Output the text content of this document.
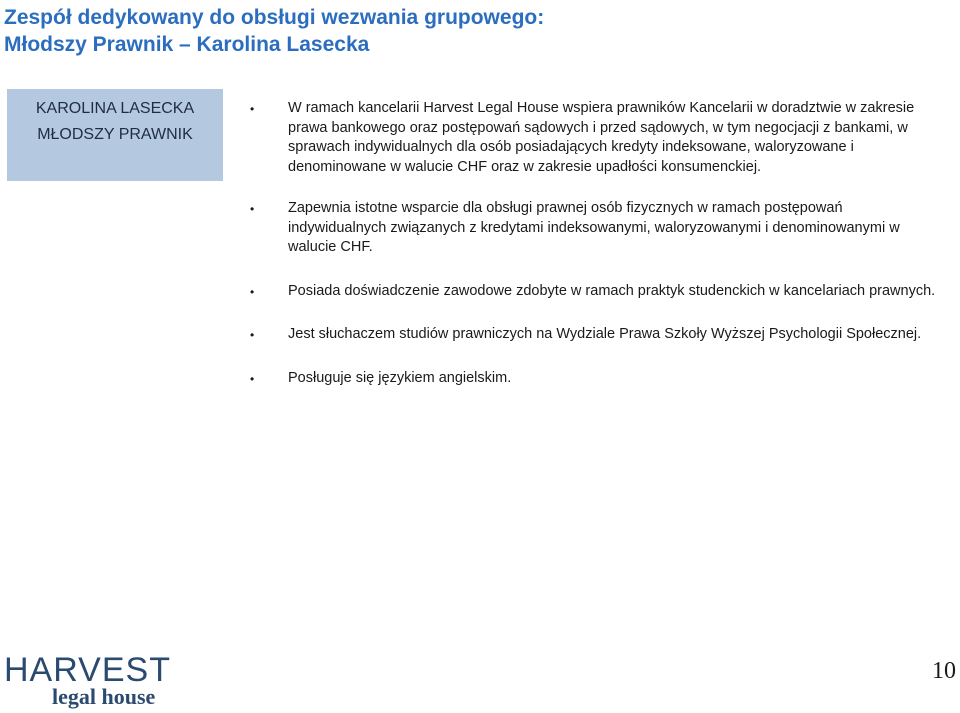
Zespół dedykowany do obsługi wezwania grupowego:
Młodszy Prawnik – Karolina Lasecka
KAROLINA LASECKA
MŁODSZY PRAWNIK
• W ramach kancelarii Harvest Legal House wspiera prawników Kancelarii w doradztwie w zakresie prawa bankowego oraz postępowań sądowych i przed sądowych, w tym negocjacji z bankami, w sprawach indywidualnych dla osób posiadających kredyty indeksowane, waloryzowane i denominowane w walucie CHF oraz w zakresie upadłości konsumenckiej.
• Zapewnia istotne wsparcie dla obsługi prawnej osób fizycznych w ramach postępowań indywidualnych związanych z kredytami indeksowanymi, waloryzowanymi i denominowanymi w walucie CHF.
• Posiada doświadczenie zawodowe zdobyte w ramach praktyk studenckich w kancelariach prawnych.
• Jest słuchaczem studiów prawniczych na Wydziale Prawa Szkoły Wyższej Psychologii Społecznej.
• Posługuje się językiem angielskim.
HARVEST
legal house
10
